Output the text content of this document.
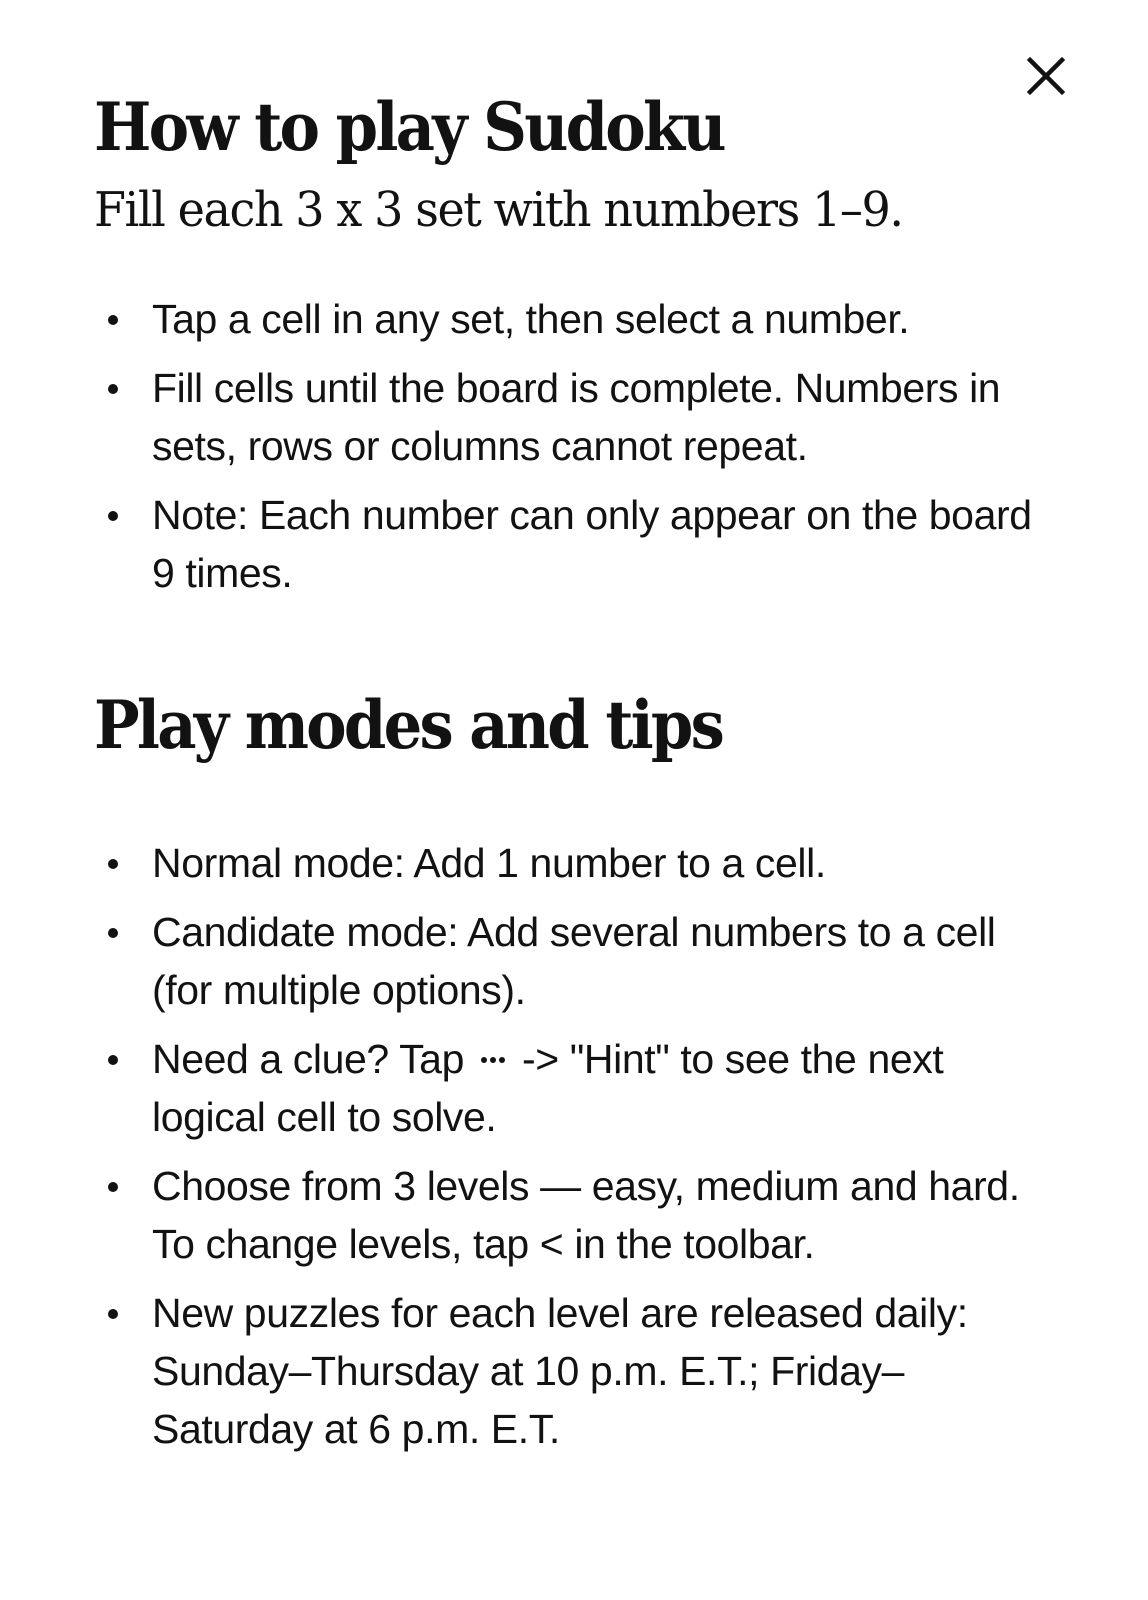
How to play Sudoku

Fill each 3 x 3 set with numbers 1–9.

Tap a cell in any set, then select a number.
Fill cells until the board is complete. Numbers in sets, rows or columns cannot repeat.
Note: Each number can only appear on the board 9 times.
Play modes and tips
Normal mode: Add 1 number to a cell.
Candidate mode: Add several numbers to a cell (for multiple options).
Need a clue? Tap -> "Hint" to see the next logical cell to solve.
Choose from 3 levels — easy, medium and hard. To change levels, tap < in the toolbar.
New puzzles for each level are released daily: Sunday–Thursday at 10 p.m. E.T.; Friday–Saturday at 6 p.m. E.T.
